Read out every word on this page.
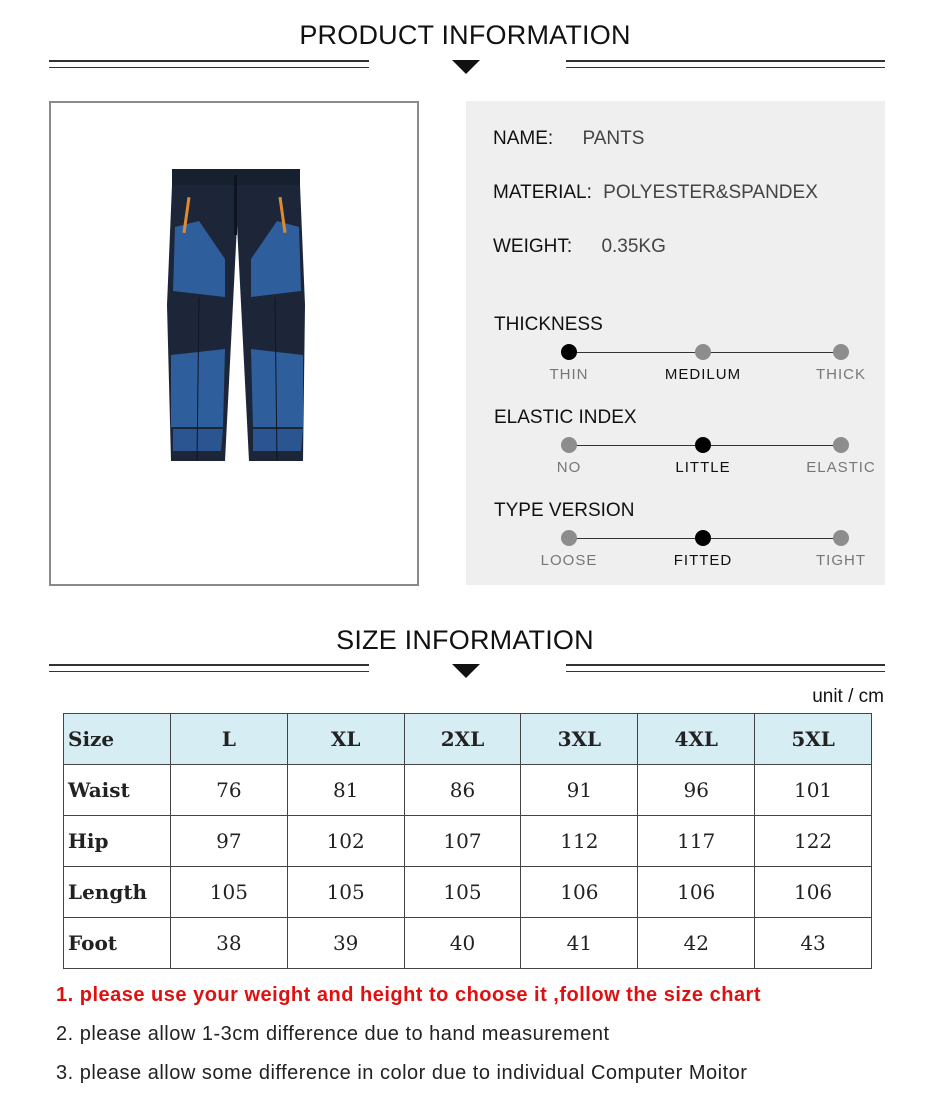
PRODUCT INFORMATION
NAME: PANTS
MATERIAL: POLYESTER&SPANDEX
WEIGHT: 0.35KG
THICKNESS
THIN	MEDILUM	THICK
ELASTIC INDEX
NO	LITTLE	ELASTIC
TYPE VERSION
LOOSE	FITTED	TIGHT
SIZE INFORMATION
unit / cm
Size	L	XL	2XL	3XL	4XL	5XL
Waist	76	81	86	91	96	101
Hip	97	102	107	112	117	122
Length	105	105	105	106	106	106
Foot	38	39	40	41	42	43
1. please use your weight and height to choose it ,follow the size chart
2. please allow 1-3cm difference due to hand measurement
3. please allow some difference in color due to individual Computer Moitor
